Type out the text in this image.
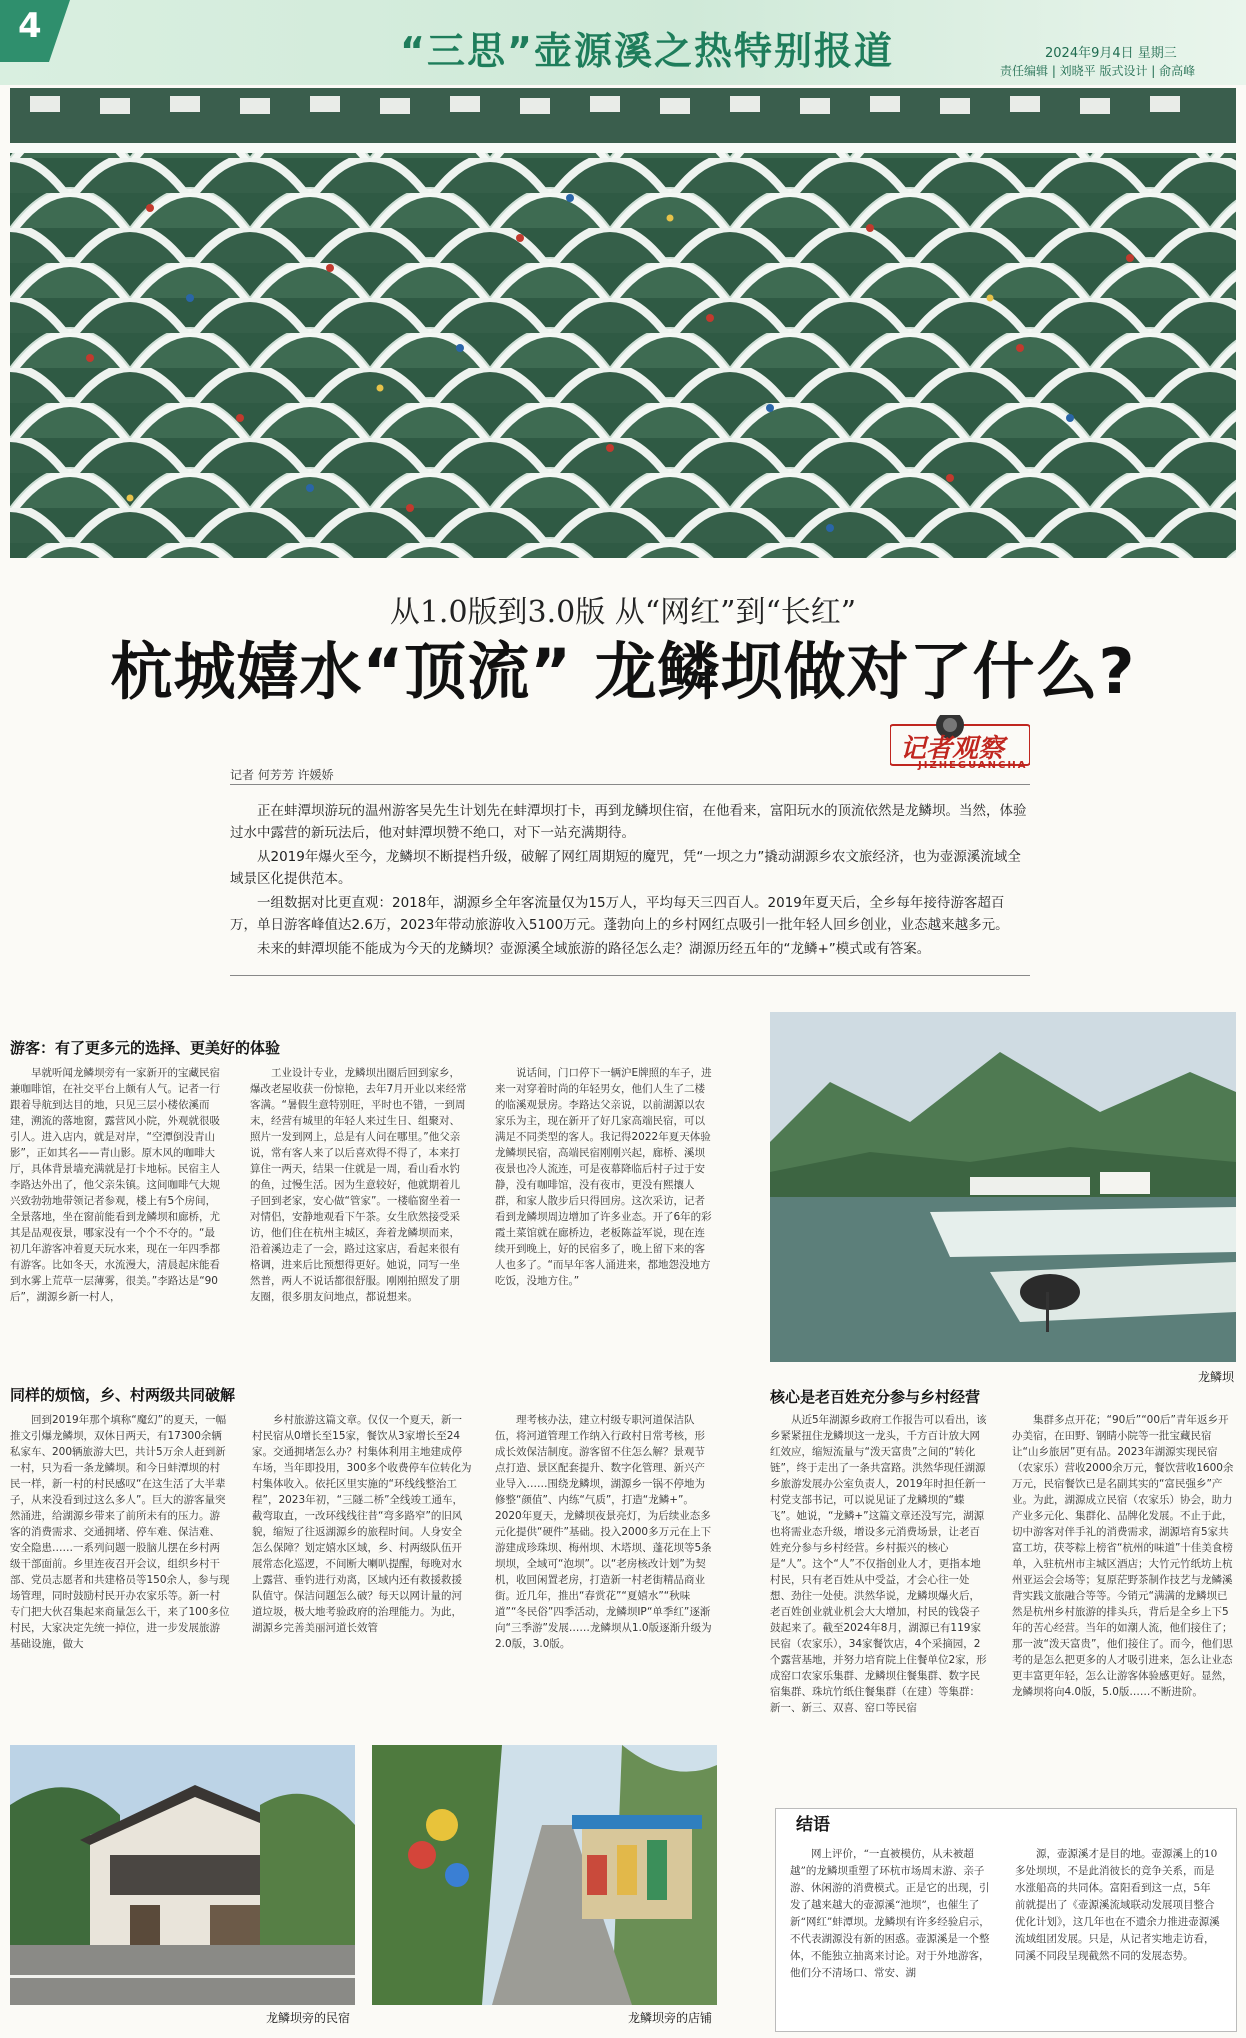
4
“三思”壶源溪之热特别报道	2024年9月4日 星期三
责任编辑 | 刘晓平 版式设计 | 俞高峰
从1.0版到3.0版 从“网红”到“长红”
杭城嬉水“顶流” 龙鳞坝做对了什么?
记者观察
JIZHEGUANCHA
记者 何芳芳 许媛娇

正在蚌潭坝游玩的温州游客吴先生计划先在蚌潭坝打卡，再到龙鳞坝住宿，在他看来，富阳玩水的顶流依然是龙鳞坝。当然，体验过水中露营的新玩法后，他对蚌潭坝赞不绝口，对下一站充满期待。

从2019年爆火至今，龙鳞坝不断提档升级，破解了网红周期短的魔咒，凭“一坝之力”撬动湖源乡农文旅经济，也为壶源溪流域全域景区化提供范本。

一组数据对比更直观：2018年，湖源乡全年客流量仅为15万人，平均每天三四百人。2019年夏天后，全乡每年接待游客超百万，单日游客峰值达2.6万，2023年带动旅游收入5100万元。蓬勃向上的乡村网红点吸引一批年轻人回乡创业，业态越来越多元。

未来的蚌潭坝能不能成为今天的龙鳞坝？壶源溪全域旅游的路径怎么走？湖源历经五年的“龙鳞+”模式或有答案。

游客：有了更多元的选择、更美好的体验
早就听闻龙鳞坝旁有一家新开的宝藏民宿兼咖啡馆，在社交平台上颇有人气。记者一行跟着导航到达目的地，只见三层小楼依溪而建，溯流的落地窗，露营风小院，外观就很吸引人。进入店内，就是对岸，“空潭倒没青山影”，正如其名——青山影。原木风的咖啡大厅，具体背景墙充满就是打卡地标。民宿主人李路达外出了，他父亲朱镇。这间咖啡气大规兴致勃勃地带领记者参观，楼上有5个房间，全景落地，坐在窗前能看到龙鳞坝和廊桥，尤其是品观夜景，哪家没有一个个不夺的。“最初几年游客冲着夏天玩水来，现在一年四季都有游客。比如冬天，水流漫大，清晨起床能看到水雾上荒草一层薄雾，很美。”李路达是“90后”，湖源乡新一村人，
工业设计专业，龙鳞坝出圈后回到家乡，爆改老屋收获一份惊艳，去年7月开业以来经常客满。“暑假生意特别旺，平时也不错，一到周末，经营有城里的年轻人来过生日、组聚对、照片一发到网上，总是有人问在哪里。”他父亲说，常有客人来了以后喜欢得不得了，本来打算住一两天，结果一住就是一周，看山看水钓的鱼，过慢生活。因为生意较好，他就期着儿子回到老家，安心做“管家”。一楼临窗坐着一对情侣，安静地观看下午茶。女生欣然接受采访，他们住在杭州主城区，奔着龙鳞坝而来，沿着溪边走了一会，路过这家店，看起来很有格调，进来后比预想得更好。她说，同写一坐然普，两人不说话都很舒服。刚刚拍照发了朋友圈，很多朋友问地点，都说想来。
说话间，门口停下一辆沪E牌照的车子，进来一对穿着时尚的年轻男女，他们人生了二楼的临溪观景房。李路达父亲说，以前湖源以农家乐为主，现在新开了好几家高端民宿，可以满足不同类型的客人。我记得2022年夏天体验龙鳞坝民宿，高端民宿刚刚兴起，廊桥、溪坝夜景也冷人流连，可是夜幕降临后村子过于安静，没有咖啡馆，没有夜市，更没有熙攘人群，和家人散步后只得回房。这次采访，记者看到龙鳞坝周边增加了许多业态。开了6年的彩霞土菜馆就在廊桥边，老板陈益军说，现在连续开到晚上，好的民宿多了，晚上留下来的客人也多了。“而早年客人涌进来，都地怨没地方吃饭，没地方住。”
龙鳞坝
同样的烦恼，乡、村两级共同破解
回到2019年那个填称“魔幻”的夏天，一幅推文引爆龙鳞坝，双休日两天，有17300余辆私家车、200辆旅游大巴，共计5万余人赶到新一村，只为看一条龙鳞坝。和今日蚌潭坝的村民一样，新一村的村民感叹“在这生活了大半辈子，从来没看到过这么多人”。巨大的游客量突然涌进，给湖源乡带来了前所未有的压力。游客的消费需求、交通拥堵、停车难、保洁难、安全隐患……一系列问题一股脑儿摆在乡村两级干部面前。乡里连夜召开会议，组织乡村干部、党员志愿者和共建格员等150余人，参与现场管理，同时鼓励村民开办农家乐等。新一村专门把大伙召集起来商量怎么干，来了100多位村民，大家决定先统一掉位，进一步发展旅游基础设施，做大
乡村旅游这篇文章。仅仅一个夏天，新一村民宿从0增长至15家，餐饮从3家增长至24家。交通拥堵怎么办？村集体利用主地建成停车场，当年即投用，300多个收费停车位转化为村集体收入。依托区里实施的“环线线整治工程”，2023年初，“三隧二桥”全线竣工通车，截弯取直，一改环线线往昔“弯多路窄”的旧风貌，缩短了往返湖源乡的旅程时间。人身安全怎么保障？划定嬉水区域，乡、村两级队伍开展常态化巡逻，不间断大喇叭提醒，每晚对水上露营、垂钓进行劝离，区域内还有救援救援队值守。保洁问题怎么破？每天以网计量的河道垃圾，极大地考验政府的治理能力。为此，湖源乡完善美丽河道长效管
理考核办法，建立村级专职河道保洁队伍，将河道管理工作纳入行政村日常考核，形成长效保洁制度。游客留不住怎么解？景观节点打造、景区配套提升、数字化管理、新兴产业导入……围绕龙鳞坝，湖源乡一锅不停地为修整“颜值”、内练“气质”，打造“龙鳞+”。2020年夏天，龙鳞坝夜景亮灯，为后续业态多元化提供“硬件”基础。投入2000多万元在上下游建成珍珠坝、梅州坝、木塔坝、蓬花坝等5条坝坝，全域可“泡坝”。以“老房核改计划”为契机，收回闲置老房，打造新一村老街精品商业街。近几年，推出“春赏花”“夏嬉水”“秋味道”“冬民俗”四季活动，龙鳞坝IP“单季红”逐渐向“三季游”发展……龙鳞坝从1.0版逐渐升级为2.0版，3.0版。
核心是老百姓充分参与乡村经营
从近5年湖源乡政府工作报告可以看出，该乡紧紧扭住龙鳞坝这一龙头，千方百计放大网红效应，缩短流量与“泼天富贵”之间的“转化链”，终于走出了一条共富路。洪然华现任湖源乡旅游发展办公室负责人，2019年时担任新一村党支部书记，可以说见证了龙鳞坝的“蝶飞”。她说，“龙鳞+”这篇文章还没写完，湖源也将需业态升级，增设多元消费场景，让老百姓充分参与乡村经营。乡村振兴的核心是“人”。这个“人”不仅指创业人才，更指本地村民，只有老百姓从中受益，才会心往一处想、劲往一处使。洪然华说，龙鳞坝爆火后，老百姓创业就业机会大大增加，村民的钱袋子鼓起来了。截至2024年8月，湖源已有119家民宿（农家乐），34家餐饮店，4个采摘园，2个露营基地，并努力培育院上住餐单位2家，形成窑口农家乐集群、龙鳞坝住餐集群、数字民宿集群、珠坑竹纸住餐集群（在建）等集群：新一、新三、双喜、窑口等民宿
集群多点开花；“90后”“00后”青年返乡开办美宿，在田野、钢睛小院等一批宝藏民宿让“山乡旅居”更有品。2023年湖源实现民宿（农家乐）营收2000余万元，餐饮营收1600余万元，民宿餐饮已是名副其实的“富民强乡”产业。为此，湖源成立民宿（农家乐）协会，助力产业多元化、集群化、品牌化发展。不止于此，切中游客对伴手礼的消费需求，湖源培育5家共富工坊，茯苓粽上榜省“杭州的味道”十佳美食榜单，入驻杭州市主城区酒店；大竹元竹纸坊上杭州亚运会会场等；复原茫野茶制作技艺与龙鳞溪背实践文旅融合等等。今销元“满满的龙鳞坝已然是杭州乡村旅游的排头兵，背后是全乡上下5年的苦心经营。当年的如潮人流，他们接住了；那一波“泼天富贵”，他们接住了。而今，他们思考的是怎么把更多的人才吸引进来，怎么让业态更丰富更年轻，怎么让游客体验感更好。显然，龙鳞坝将向4.0版，5.0版……不断进阶。
龙鳞坝旁的民宿	龙鳞坝旁的店铺
结语
网上评价，“一直被模仿，从未被超越”的龙鳞坝重塑了环杭市场周末游、亲子游、休闲游的消费模式。正是它的出现，引发了越来越大的壶源溪“池坝”，也催生了新“网红”蚌潭坝。龙鳞坝有许多经验启示，不代表湖源没有新的困惑。壶源溪是一个整体，不能独立抽离来讨论。对于外地游客，他们分不清场口、常安、湖
源，壶源溪才是目的地。壶源溪上的10多处坝坝，不是此消彼长的竞争关系，而是水涨船高的共同体。富阳看到这一点，5年前就提出了《壶源溪流域联动发展项目整合优化计划》，这几年也在不遗余力推进壶源溪流域组团发展。只是，从记者实地走访看，同溪不同段呈现截然不同的发展态势。
